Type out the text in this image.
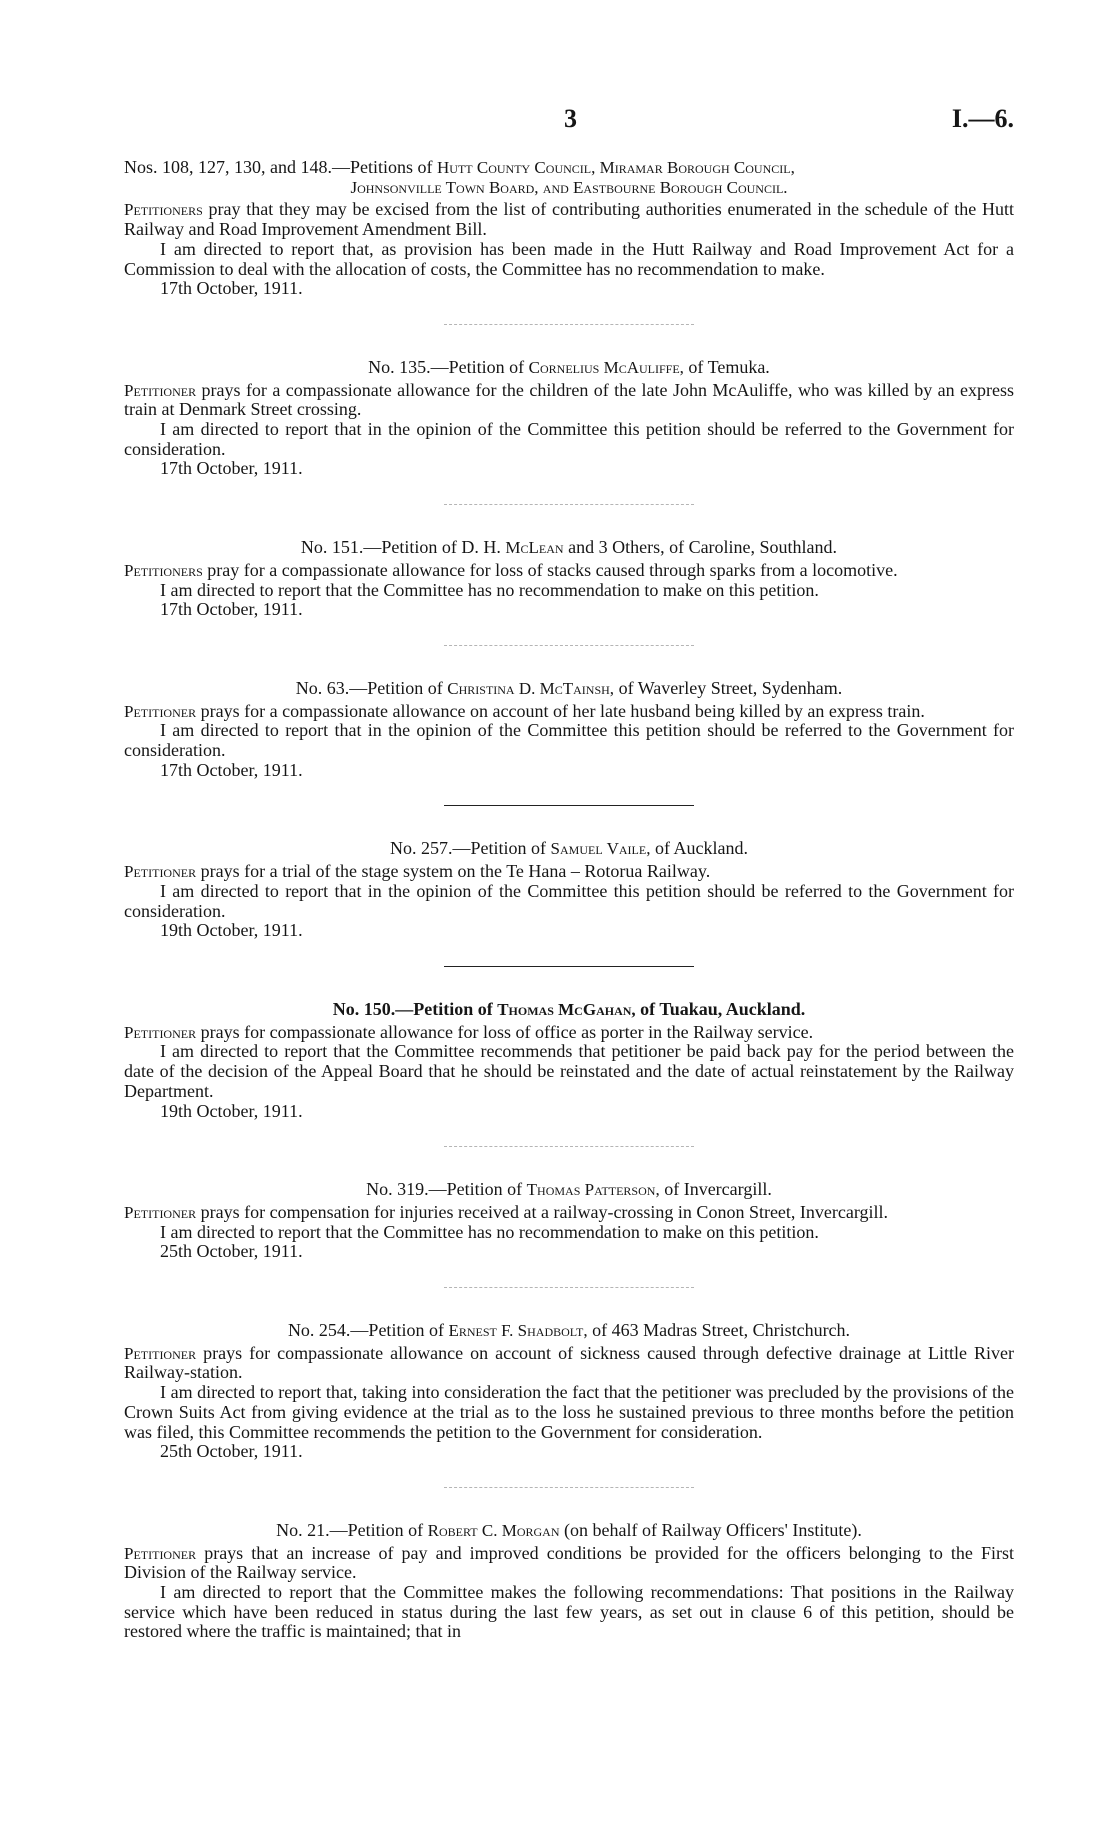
3	I.—6.
Nos. 108, 127, 130, and 148.—Petitions of Hutt County Council, Miramar Borough Council,
Johnsonville Town Board, and Eastbourne Borough Council.

Petitioners pray that they may be excised from the list of contributing authorities enumerated in the schedule of the Hutt Railway and Road Improvement Amendment Bill.

I am directed to report that, as provision has been made in the Hutt Railway and Road Improvement Act for a Commission to deal with the allocation of costs, the Committee has no recommendation to make.

17th October, 1911.
No. 135.—Petition of Cornelius McAuliffe, of Temuka.

Petitioner prays for a compassionate allowance for the children of the late John McAuliffe, who was killed by an express train at Denmark Street crossing.

I am directed to report that in the opinion of the Committee this petition should be referred to the Government for consideration.

17th October, 1911.
No. 151.—Petition of D. H. McLean and 3 Others, of Caroline, Southland.

Petitioners pray for a compassionate allowance for loss of stacks caused through sparks from a locomotive.

I am directed to report that the Committee has no recommendation to make on this petition.

17th October, 1911.
No. 63.—Petition of Christina D. McTainsh, of Waverley Street, Sydenham.

Petitioner prays for a compassionate allowance on account of her late husband being killed by an express train.

I am directed to report that in the opinion of the Committee this petition should be referred to the Government for consideration.

17th October, 1911.
No. 257.—Petition of Samuel Vaile, of Auckland.

Petitioner prays for a trial of the stage system on the Te Hana – Rotorua Railway.

I am directed to report that in the opinion of the Committee this petition should be referred to the Government for consideration.

19th October, 1911.
No. 150.—Petition of Thomas McGahan, of Tuakau, Auckland.

Petitioner prays for compassionate allowance for loss of office as porter in the Railway service.

I am directed to report that the Committee recommends that petitioner be paid back pay for the period between the date of the decision of the Appeal Board that he should be reinstated and the date of actual reinstatement by the Railway Department.

19th October, 1911.
No. 319.—Petition of Thomas Patterson, of Invercargill.

Petitioner prays for compensation for injuries received at a railway-crossing in Conon Street, Invercargill.

I am directed to report that the Committee has no recommendation to make on this petition.

25th October, 1911.
No. 254.—Petition of Ernest F. Shadbolt, of 463 Madras Street, Christchurch.

Petitioner prays for compassionate allowance on account of sickness caused through defective drainage at Little River Railway-station.

I am directed to report that, taking into consideration the fact that the petitioner was precluded by the provisions of the Crown Suits Act from giving evidence at the trial as to the loss he sustained previous to three months before the petition was filed, this Committee recommends the petition to the Government for consideration.

25th October, 1911.
No. 21.—Petition of Robert C. Morgan (on behalf of Railway Officers' Institute).

Petitioner prays that an increase of pay and improved conditions be provided for the officers belonging to the First Division of the Railway service.

I am directed to report that the Committee makes the following recommendations: That positions in the Railway service which have been reduced in status during the last few years, as set out in clause 6 of this petition, should be restored where the traffic is maintained; that in
